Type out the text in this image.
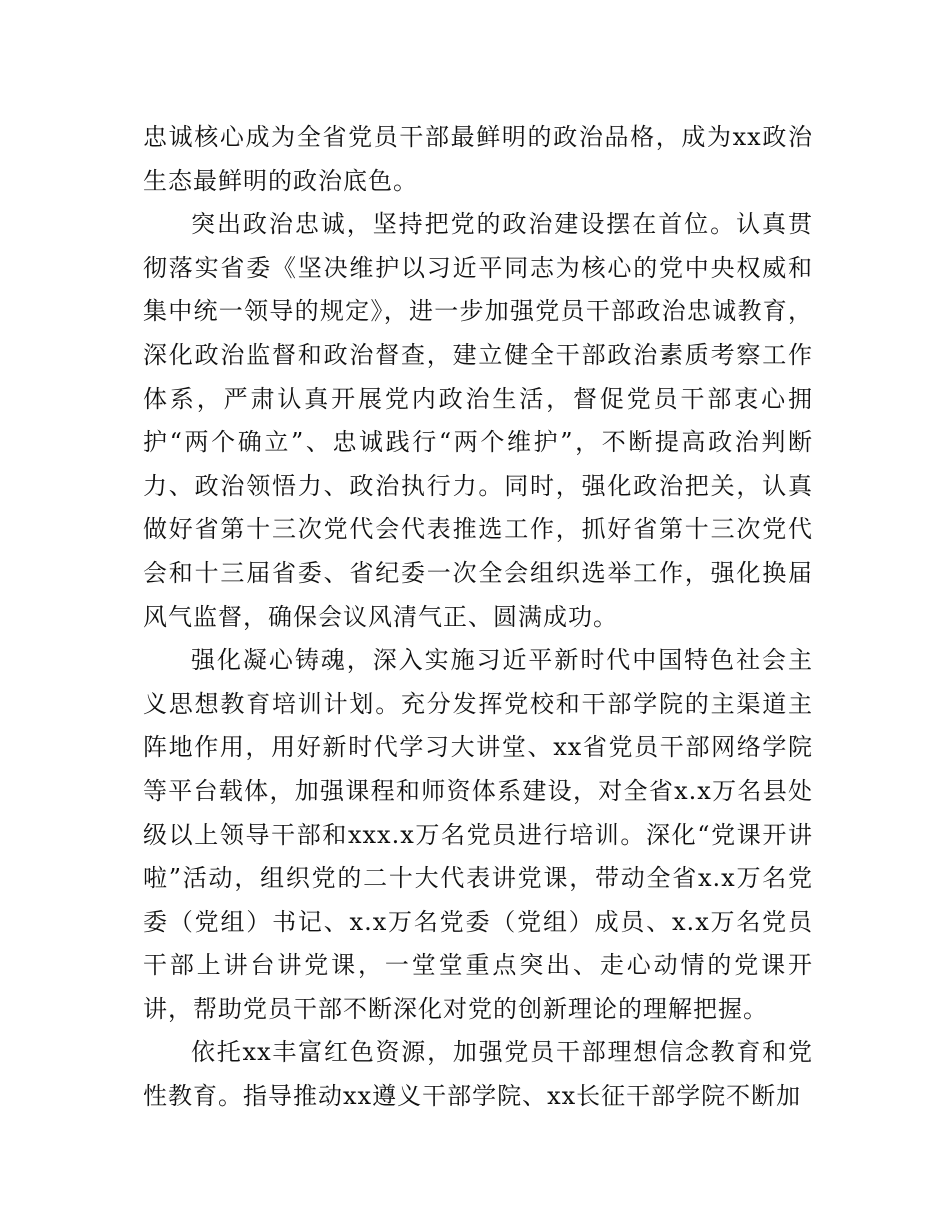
忠诚核心成为全省党员干部最鲜明的政治品格，成为xx政治生态最鲜明的政治底色。

突出政治忠诚，坚持把党的政治建设摆在首位。认真贯彻落实省委《坚决维护以习近平同志为核心的党中央权威和集中统一领导的规定》，进一步加强党员干部政治忠诚教育，深化政治监督和政治督查，建立健全干部政治素质考察工作体系，严肃认真开展党内政治生活，督促党员干部衷心拥护“两个确立”、忠诚践行“两个维护”，不断提高政治判断力、政治领悟力、政治执行力。同时，强化政治把关，认真做好省第十三次党代会代表推选工作，抓好省第十三次党代会和十三届省委、省纪委一次全会组织选举工作，强化换届风气监督，确保会议风清气正、圆满成功。

强化凝心铸魂，深入实施习近平新时代中国特色社会主义思想教育培训计划。充分发挥党校和干部学院的主渠道主阵地作用，用好新时代学习大讲堂、xx省党员干部网络学院等平台载体，加强课程和师资体系建设，对全省x.x万名县处级以上领导干部和xxx.x万名党员进行培训。深化“党课开讲啦”活动，组织党的二十大代表讲党课，带动全省x.x万名党委（党组）书记、x.x万名党委（党组）成员、x.x万名党员干部上讲台讲党课，一堂堂重点突出、走心动情的党课开讲，帮助党员干部不断深化对党的创新理论的理解把握。

依托xx丰富红色资源，加强党员干部理想信念教育和党性教育。指导推动xx遵义干部学院、xx长征干部学院不断加
